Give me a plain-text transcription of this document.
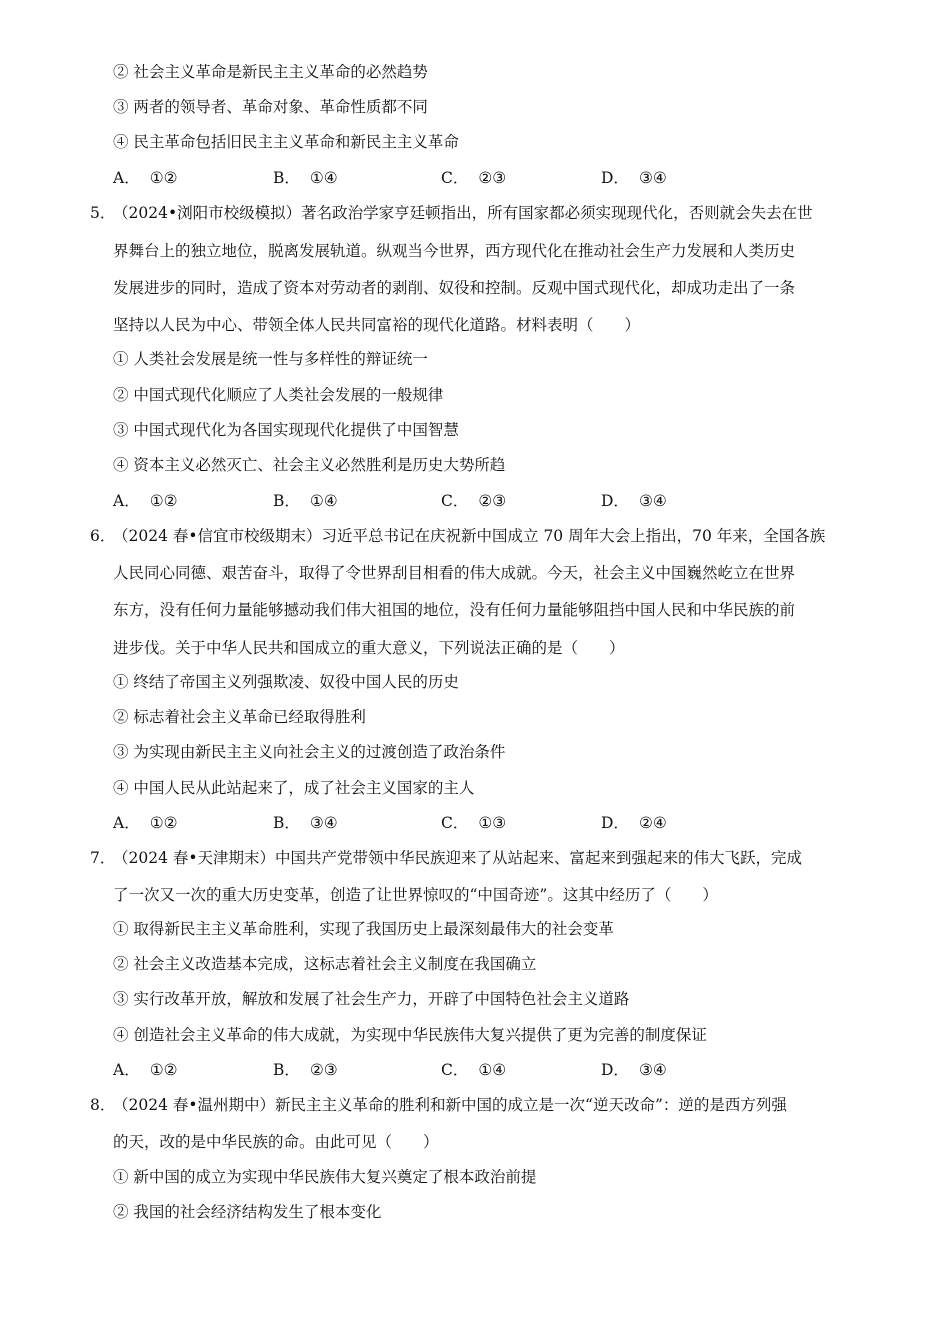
② 社会主义革命是新民主主义革命的必然趋势
③ 两者的领导者、革命对象、革命性质都不同
④ 民主革命包括旧民主主义革命和新民主主义革命
A． ①②	B． ①④	C． ②③	D． ③④
5．
（2024•浏阳市校级模拟）著名政治学家亨廷顿指出，所有国家都必须实现现代化，否则就会失去在世
界舞台上的独立地位，脱离发展轨道。纵观当今世界，西方现代化在推动社会生产力发展和人类历史
发展进步的同时，造成了资本对劳动者的剥削、奴役和控制。反观中国式现代化，却成功走出了一条
坚持以人民为中心、带领全体人民共同富裕的现代化道路。材料表明（　　）
① 人类社会发展是统一性与多样性的辩证统一
② 中国式现代化顺应了人类社会发展的一般规律
③ 中国式现代化为各国实现现代化提供了中国智慧
④ 资本主义必然灭亡、社会主义必然胜利是历史大势所趋
A． ①②	B． ①④	C． ②③	D． ③④
6．
（2024 春•信宜市校级期末）习近平总书记在庆祝新中国成立 70 周年大会上指出，70 年来，全国各族
人民同心同德、艰苦奋斗，取得了令世界刮目相看的伟大成就。今天，社会主义中国巍然屹立在世界
东方，没有任何力量能够撼动我们伟大祖国的地位，没有任何力量能够阻挡中国人民和中华民族的前
进步伐。关于中华人民共和国成立的重大意义，下列说法正确的是（　　）
① 终结了帝国主义列强欺凌、奴役中国人民的历史
② 标志着社会主义革命已经取得胜利
③ 为实现由新民主主义向社会主义的过渡创造了政治条件
④ 中国人民从此站起来了，成了社会主义国家的主人
A． ①②	B． ③④	C． ①③	D． ②④
7．
（2024 春•天津期末）中国共产党带领中华民族迎来了从站起来、富起来到强起来的伟大飞跃，完成
了一次又一次的重大历史变革，创造了让世界惊叹的“中国奇迹”。这其中经历了（　　）
① 取得新民主主义革命胜利，实现了我国历史上最深刻最伟大的社会变革
② 社会主义改造基本完成，这标志着社会主义制度在我国确立
③ 实行改革开放，解放和发展了社会生产力，开辟了中国特色社会主义道路
④ 创造社会主义革命的伟大成就，为实现中华民族伟大复兴提供了更为完善的制度保证
A． ①②	B． ②③	C． ①④	D． ③④
8．
（2024 春•温州期中）新民主主义革命的胜利和新中国的成立是一次“逆天改命”：逆的是西方列强
的天，改的是中华民族的命。由此可见（　　）
① 新中国的成立为实现中华民族伟大复兴奠定了根本政治前提
② 我国的社会经济结构发生了根本变化
